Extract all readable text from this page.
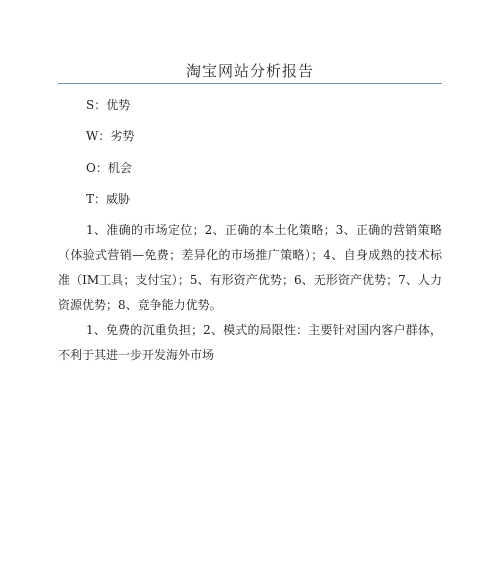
淘宝网站分析报告
S：优势
W：劣势
O：机会
T：威胁

1、准确的市场定位；2、正确的本土化策略；3、正确的营销策略（体验式营销—免费；差异化的市场推广策略）；4、自身成熟的技术标准（IM工具；支付宝）；5、有形资产优势；6、无形资产优势；7、人力资源优势；8、竞争能力优势。

1、免费的沉重负担；2、模式的局限性：主要针对国内客户群体，不利于其进一步开发海外市场
